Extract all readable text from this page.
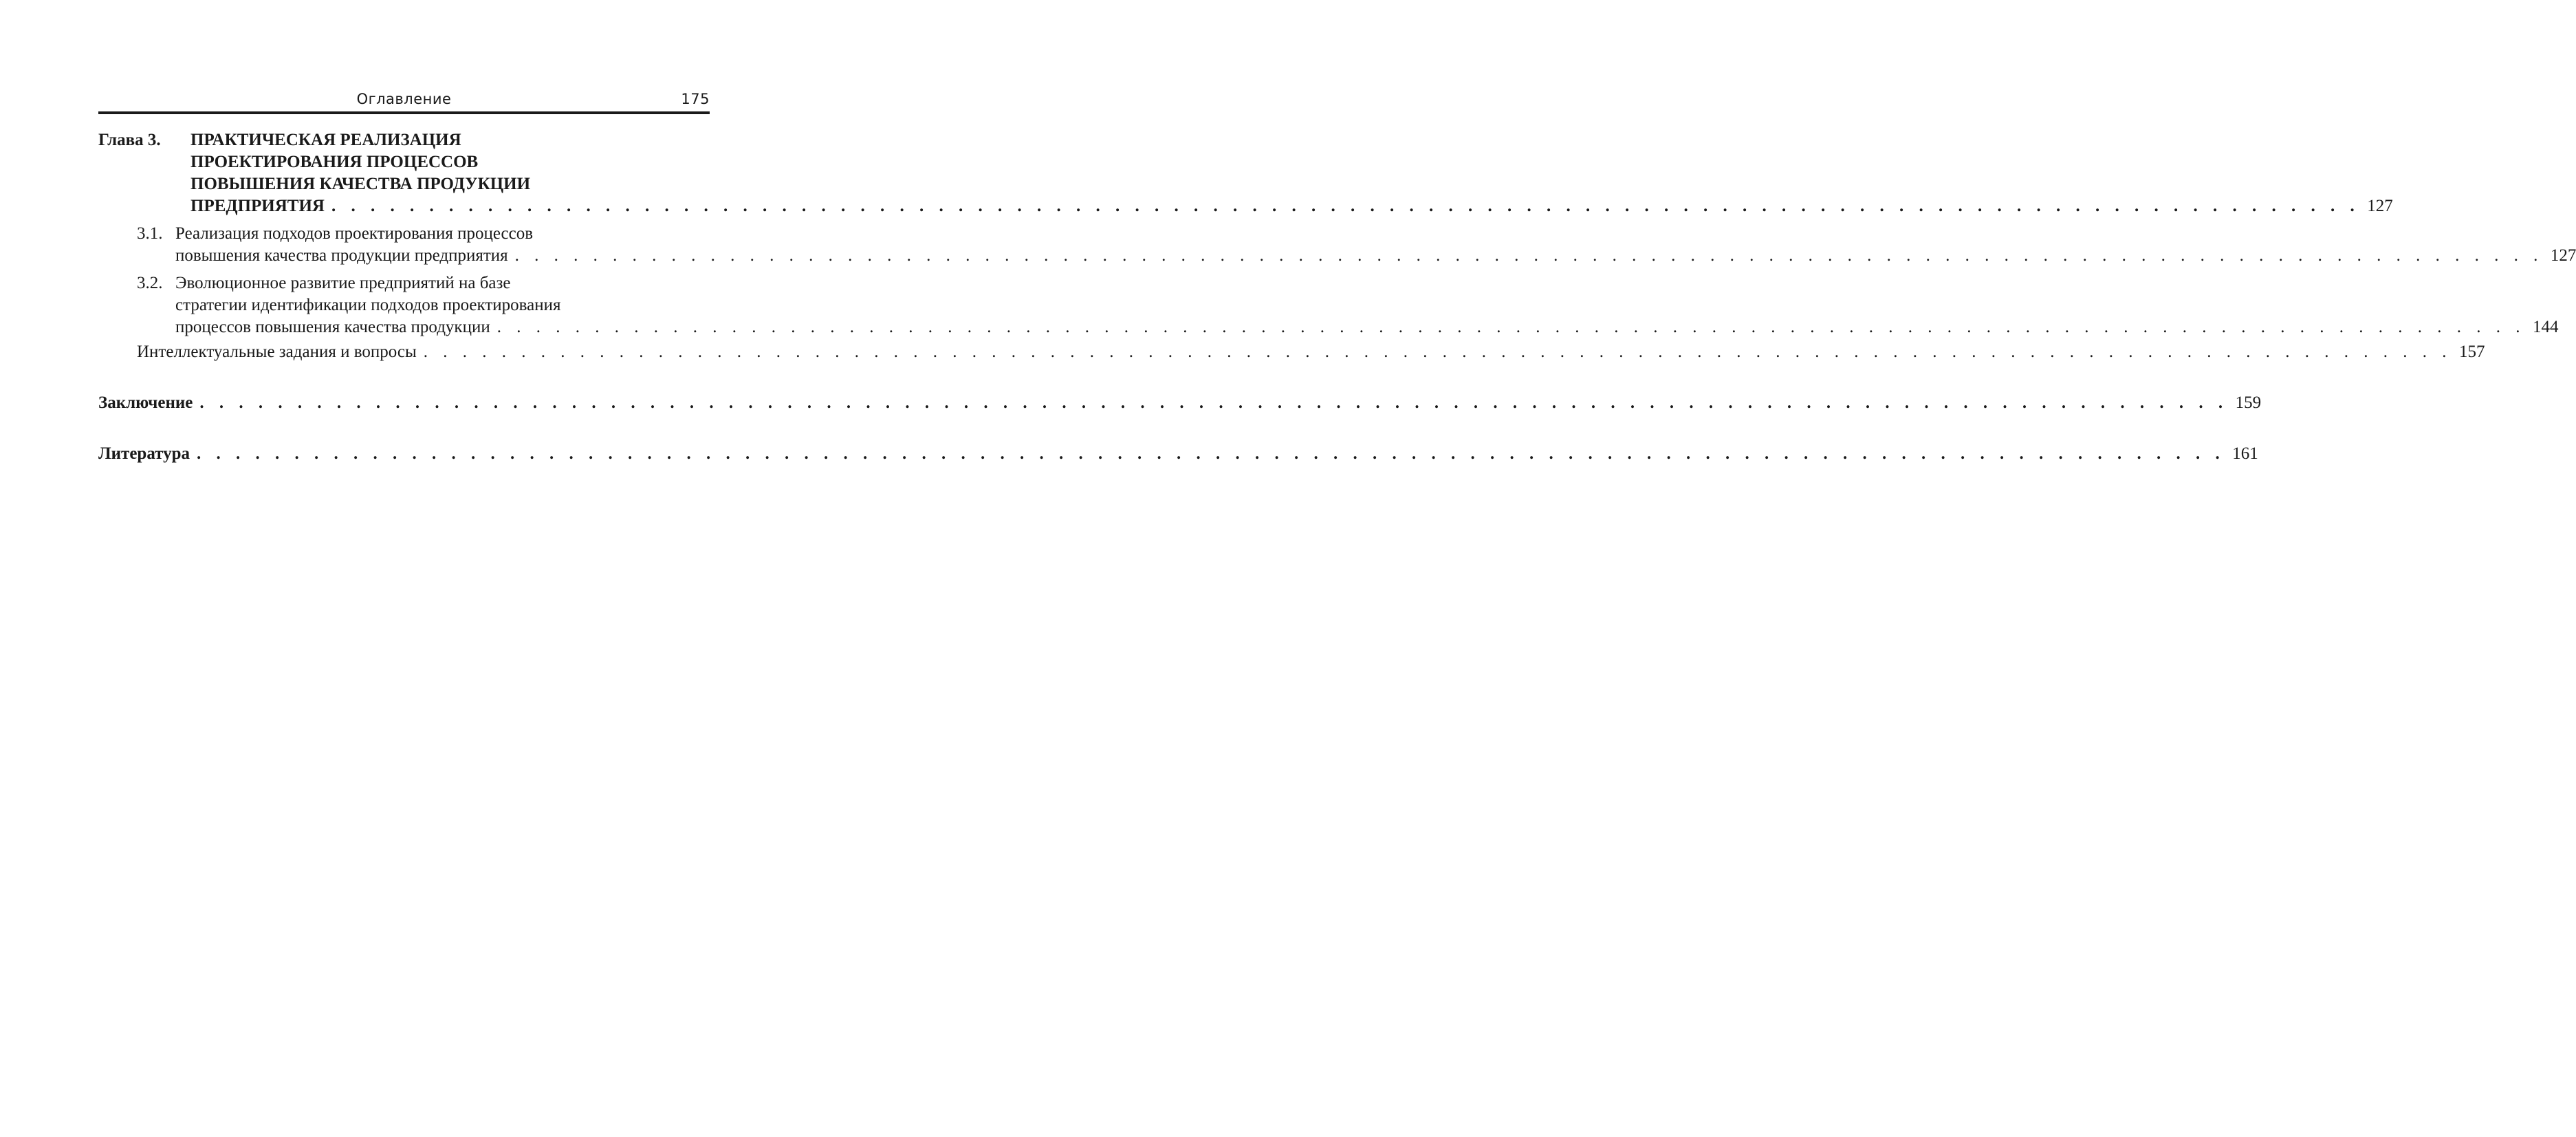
Оглавление	175
Глава 3.	ПРАКТИЧЕСКАЯ РЕАЛИЗАЦИЯ
ПРОЕКТИРОВАНИЯ ПРОЦЕССОВ
ПОВЫШЕНИЯ КАЧЕСТВА ПРОДУКЦИИ
ПРЕДПРИЯТИЯ . . .	127
3.1. Реализация подходов проектирования процессов
повышения качества продукции предприятия . . .	127
3.2. Эволюционное развитие предприятий на базе
стратегии идентификации подходов проектирования
процессов повышения качества продукции . . .	144
Интеллектуальные задания и вопросы . . .	157
Заключение . . .	159
Литература . . .	161
